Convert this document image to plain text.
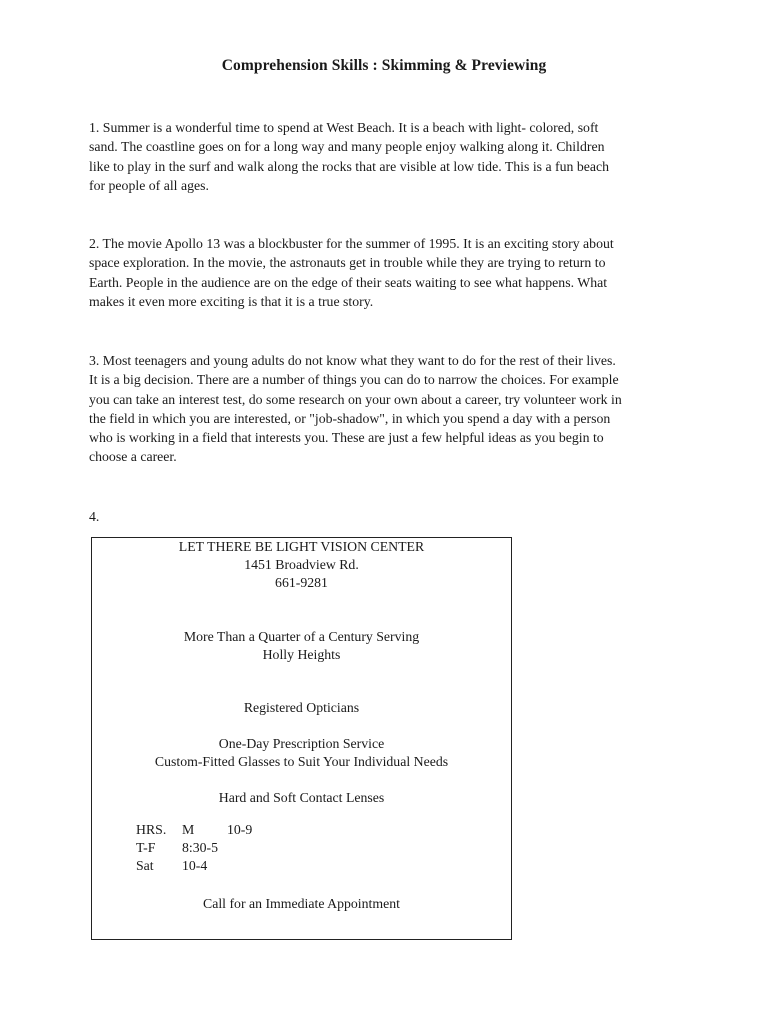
Comprehension Skills : Skimming & Previewing
1. Summer is a wonderful time to spend at West Beach. It is a beach with light- colored, soft
sand. The coastline goes on for a long way and many people enjoy walking along it. Children
like to play in the surf and walk along the rocks that are visible at low tide. This is a fun beach
for people of all ages.
2. The movie Apollo 13 was a blockbuster for the summer of 1995. It is an exciting story about
space exploration. In the movie, the astronauts get in trouble while they are trying to return to
Earth. People in the audience are on the edge of their seats waiting to see what happens. What
makes it even more exciting is that it is a true story.
3. Most teenagers and young adults do not know what they want to do for the rest of their lives.
It is a big decision. There are a number of things you can do to narrow the choices. For example
you can take an interest test, do some research on your own about a career, try volunteer work in
the field in which you are interested, or "job-shadow", in which you spend a day with a person
who is working in a field that interests you. These are just a few helpful ideas as you begin to
choose a career.
4.
LET THERE BE LIGHT VISION CENTER
1451 Broadview Rd.
661-9281
More Than a Quarter of a Century Serving
Holly Heights
Registered Opticians
One-Day Prescription Service
Custom-Fitted Glasses to Suit Your Individual Needs
Hard and Soft Contact Lenses
HRS.	M	10-9
T-F	8:30-5
Sat	10-4
Call for an Immediate Appointment
